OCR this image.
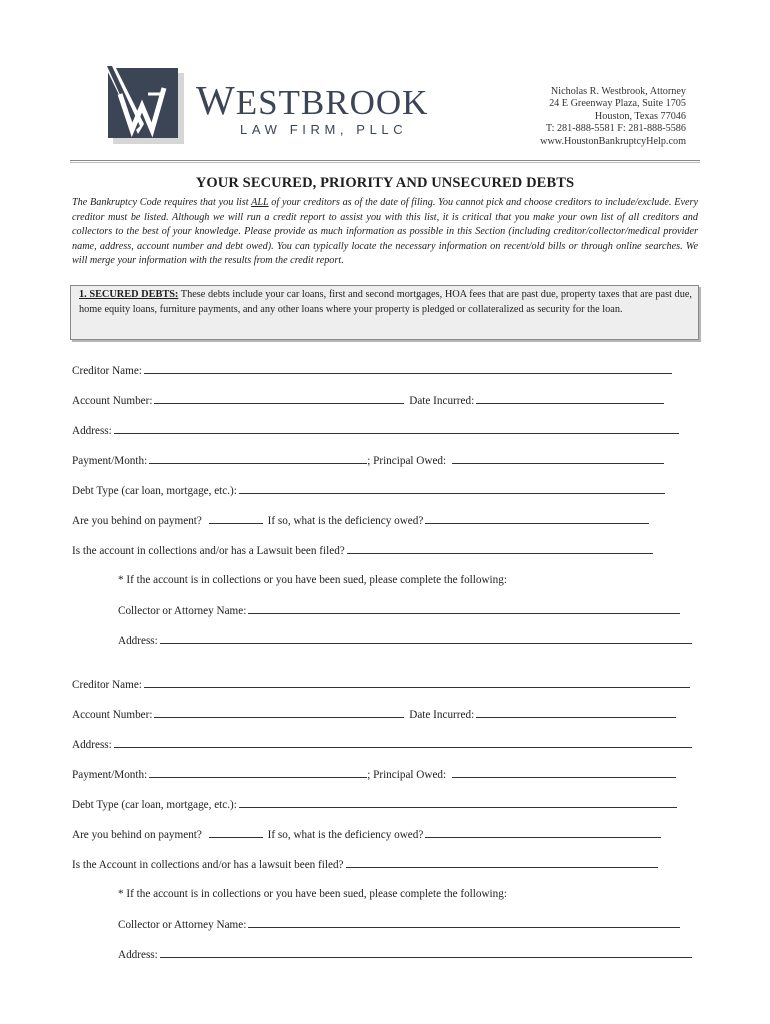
WESTBROOK
LAW FIRM, PLLC
Nicholas R. Westbrook, Attorney
24 E Greenway Plaza, Suite 1705
Houston, Texas 77046
T: 281-888-5581 F: 281-888-5586
www.HoustonBankruptcyHelp.com
YOUR SECURED, PRIORITY AND UNSECURED DEBTS
The Bankruptcy Code requires that you list ALL of your creditors as of the date of filing. You cannot pick and choose creditors to include/exclude. Every creditor must be listed. Although we will run a credit report to assist you with this list, it is critical that you make your own list of all creditors and collectors to the best of your knowledge. Please provide as much information as possible in this Section (including creditor/collector/medical provider name, address, account number and debt owed). You can typically locate the necessary information on recent/old bills or through online searches. We will merge your information with the results from the credit report.
1. SECURED DEBTS: These debts include your car loans, first and second mortgages, HOA fees that are past due, property taxes that are past due, home equity loans, furniture payments, and any other loans where your property is pledged or collateralized as security for the loan.
Creditor Name:
Account Number:	Date Incurred:
Address:
Payment/Month:	; Principal Owed:
Debt Type (car loan, mortgage, etc.):
Are you behind on payment?	If so, what is the deficiency owed?
Is the account in collections and/or has a Lawsuit been filed?
* If the account is in collections or you have been sued, please complete the following:
Collector or Attorney Name:
Address:
Creditor Name:
Account Number:	Date Incurred:
Address:
Payment/Month:	; Principal Owed:
Debt Type (car loan, mortgage, etc.):
Are you behind on payment?	If so, what is the deficiency owed?
Is the Account in collections and/or has a lawsuit been filed?
* If the account is in collections or you have been sued, please complete the following:
Collector or Attorney Name:
Address:
